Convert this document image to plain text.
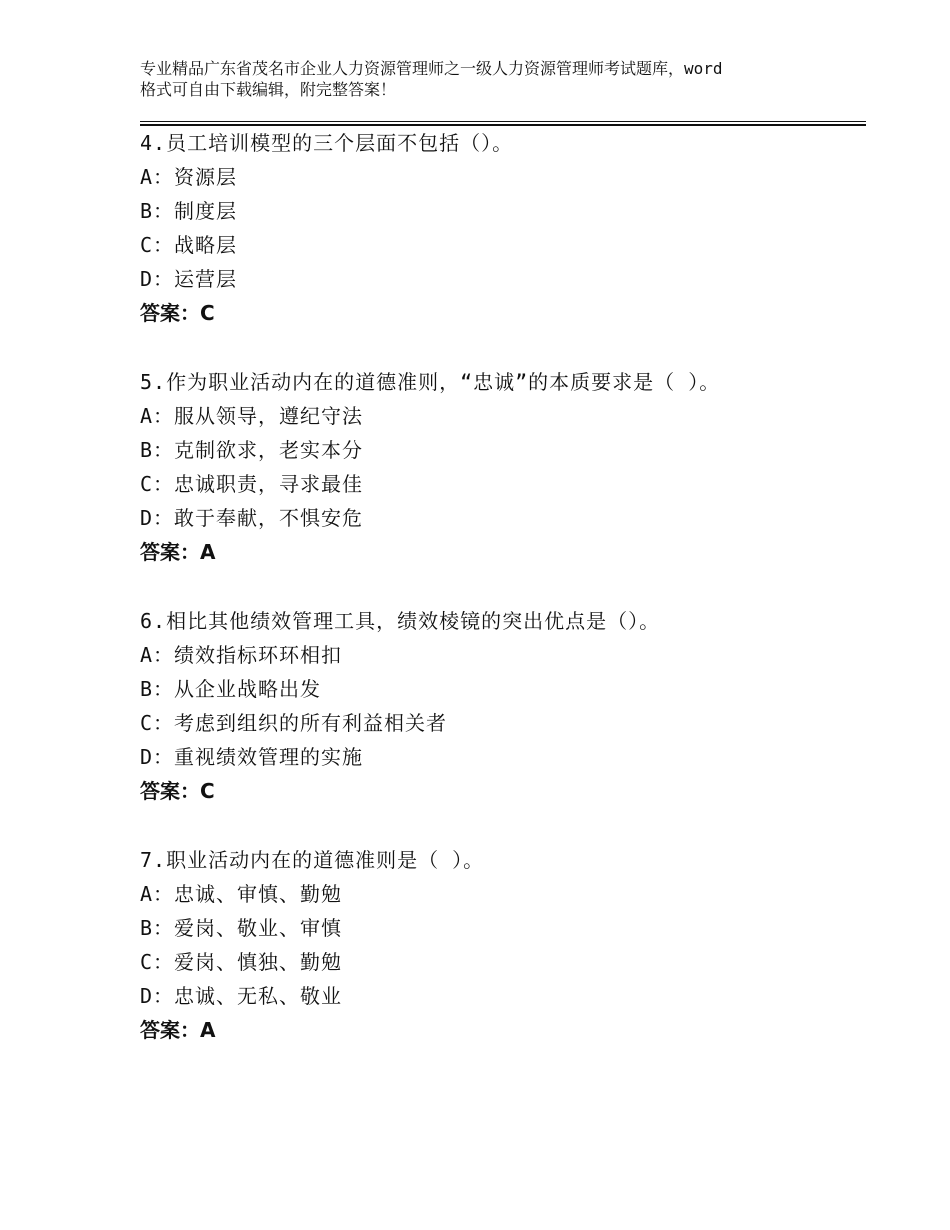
专业精品广东省茂名市企业人力资源管理师之一级人力资源管理师考试题库，word
格式可自由下载编辑，附完整答案！
4.员工培训模型的三个层面不包括（）。
A：资源层
B：制度层
C：战略层
D：运营层
答案：C
5.作为职业活动内在的道德准则，“忠诚”的本质要求是（ ）。
A：服从领导，遵纪守法
B：克制欲求，老实本分
C：忠诚职责，寻求最佳
D：敢于奉献，不惧安危
答案：A
6.相比其他绩效管理工具，绩效棱镜的突出优点是（）。
A：绩效指标环环相扣
B：从企业战略出发
C：考虑到组织的所有利益相关者
D：重视绩效管理的实施
答案：C
7.职业活动内在的道德准则是（ ）。
A：忠诚、审慎、勤勉
B：爱岗、敬业、审慎
C：爱岗、慎独、勤勉
D：忠诚、无私、敬业
答案：A
